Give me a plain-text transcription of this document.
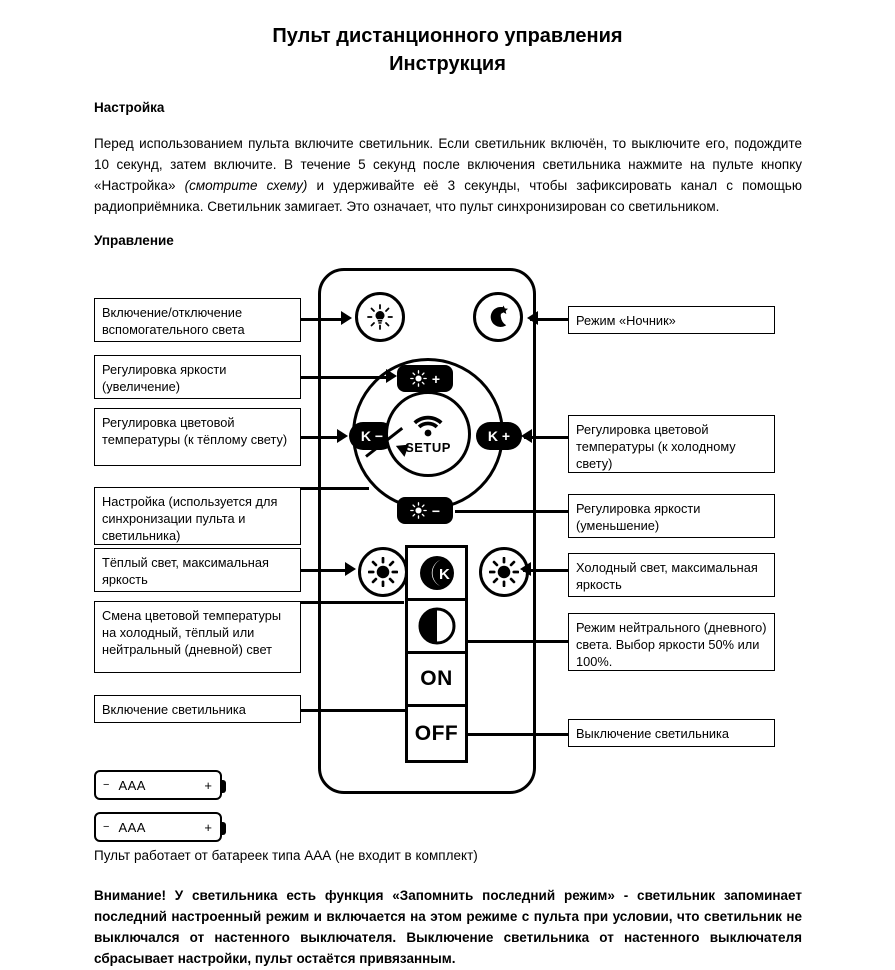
Пульт дистанционного управления
Инструкция
Настройка
Перед использованием пульта включите светильник. Если светильник включён, то выключите его, подождите 10 секунд, затем включите. В течение 5 секунд после включения светильника нажмите на пульте кнопку «Настройка» (смотрите схему) и удерживайте её 3 секунды, чтобы зафиксировать канал с помощью радиоприёмника. Светильник замигает. Это означает, что пульт синхронизирован со светильником.
Управление
+
K −	K +
SETUP
−
K
ON
OFF
Включение/отключение вспомогательного света
Регулировка яркости (увеличение)
Регулировка цветовой температуры (к тёплому свету)
Настройка (используется для синхронизации пульта и светильника)
Тёплый свет, максимальная яркость
Смена цветовой температуры на холодный, тёплый или нейтральный (дневной) свет
Включение светильника
Режим «Ночник»
Регулировка цветовой температуры (к холодному свету)
Регулировка яркости (уменьшение)
Холодный свет, максимальная яркость
Режим нейтрального (дневного) света. Выбор яркости 50% или 100%.
Выключение светильника
− AAA	+
− AAA	+
Пульт работает от батареек типа ААА (не входит в комплект)
Внимание! У светильника есть функция «Запомнить последний режим» - светильник запоминает последний настроенный режим и включается на этом режиме с пульта при условии, что светильник не выключался от настенного выключателя. Выключение светильника от настенного выключателя сбрасывает настройки, пульт остаётся привязанным.
